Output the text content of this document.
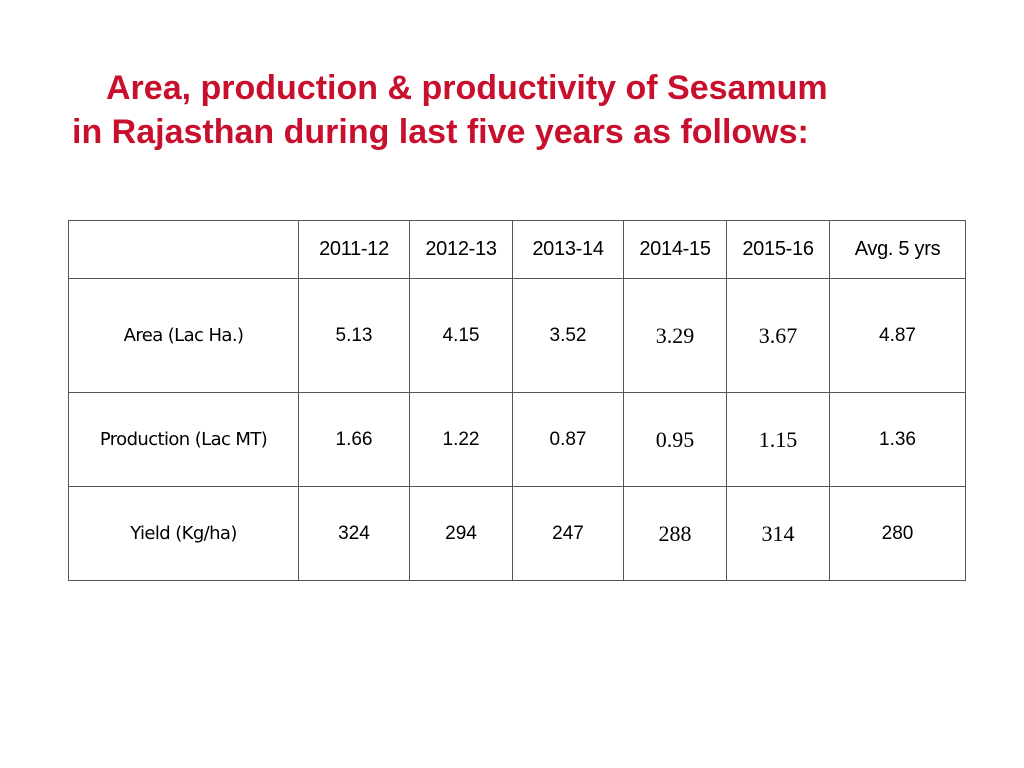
Area, production & productivity of Sesamum
in Rajasthan during last five years as follows:
	2011-12	2012-13	2013-14	2014-15	2015-16	Avg. 5 yrs
Area (Lac Ha.)	5.13	4.15	3.52	3.29	3.67	4.87
Production (Lac MT)	1.66	1.22	0.87	0.95	1.15	1.36
Yield (Kg/ha)	324	294	247	288	314	280
